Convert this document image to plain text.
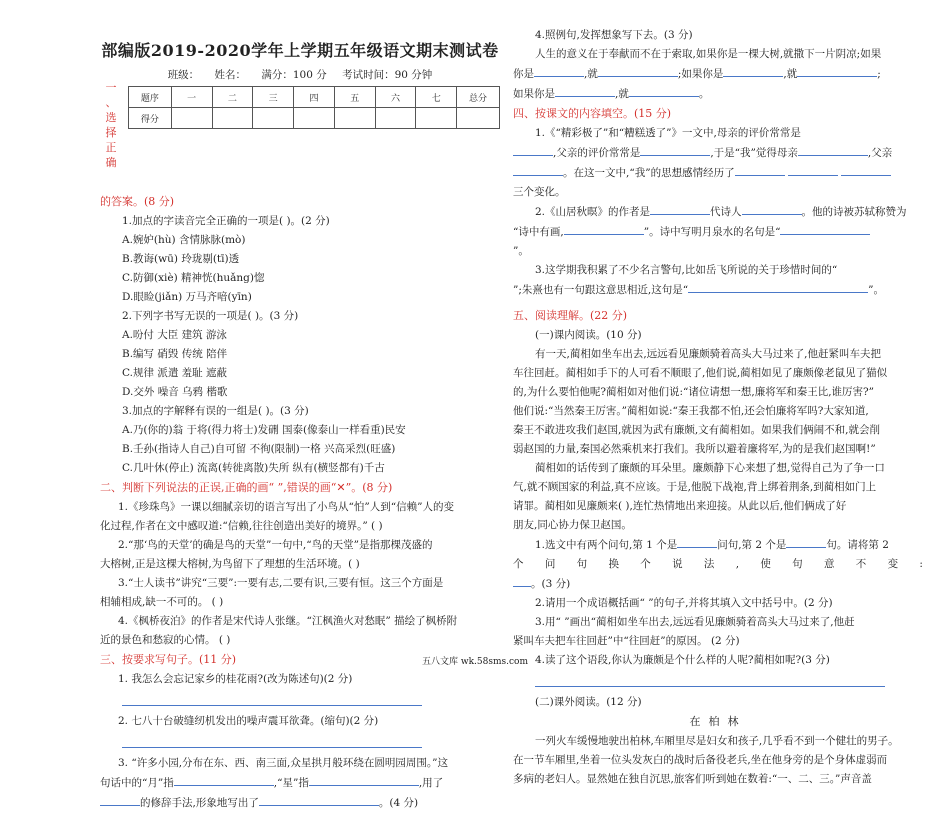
部编版2019-2020学年上学期五年级语文期末测试卷
班级： 姓名： 满分：100 分 考试时间：90 分钟
一
、
选
择
正
确
题序	一	二	三	四	五	六	七	总分
得分								
的答案。(8 分)
1.加点的字读音完全正确的一项是( )。(2 分)
A.婉妒(hù) 含情脉脉(mò)
B.教诲(wū) 玲珑剔(tī)透
C.防御(xiè) 精神恍(huǎng)惚
D.眼睑(jiǎn) 万马齐喑(yīn)
2.下列字书写无误的一项是( )。(3 分)
A.吩付 大臣 建筑 游泳
B.编写 硝毁 传统 陪伴
C.规律 派遣 羞耻 遮蔽
D.交外 噪音 乌鸦 楷歌
3.加点的字解释有误的一组是( )。(3 分)
A.乃(你的)翁 于将(得力将士)发硎 国泰(像泰山一样看重)民安
B.壬孙(指诗人自己)自可留 不徇(限制)一格 兴高采烈(旺盛)
C.几叶休(停止) 流离(转徙离散)失所 纵有(横竖都有)千古
二、判断下列说法的正误,正确的画“ ”,错误的画“✕”。(8 分)
1.《珍珠鸟》一课以细腻亲切的语言写出了小鸟从“怕”人到“信赖”人的变
化过程,作者在文中感叹道:“信赖,往往创造出美好的境界。” ( )
2.“那‘鸟的天堂’的确是鸟的天堂”一句中,“鸟的天堂”是指那棵茂盛的
大榕树,正是这棵大榕树,为鸟留下了理想的生活环境。( )
3.“士人读书”讲究“三要”:一要有志,二要有识,三要有恒。这三个方面是
相辅相成,缺一不可的。 ( )
4.《枫桥夜泊》的作者是宋代诗人张继。“江枫渔火对愁眠” 描绘了枫桥附
近的景色和愁寂的心情。 ( )
三、按要求写句子。(11 分)
1. 我怎么会忘记家乡的桂花雨?(改为陈述句)(2 分)
2. 七八十台破缝纫机发出的噪声震耳欲聋。(缩句)(2 分)
3. “许多小园,分布在东、西、南三面,众星拱月般环绕在圆明园周围。”这
句话中的“月”指	,“星”指	,用了
的修辞手法,形象地写出了	。(4 分)
4.照例句,发挥想象写下去。(3 分)
人生的意义在于奉献而不在于索取,如果你是一棵大树,就撒下一片阴凉;如果
你是	,就	;如果你是	,就	;
如果你是	,就	。
四、按课文的内容填空。(15 分)
1.《“精彩极了”和“糟糕透了”》一文中,母亲的评价常常是
,父亲的评价常常是	,于是“我”觉得母亲	,父亲
。在这一文中,“我”的思想感情经历了
三个变化。
2.《山居秋暝》的作者是	代诗人	。他的诗被苏轼称赞为
“诗中有画,	”。诗中写明月泉水的名句是“
”。
3.这学期我积累了不少名言警句,比如岳飞所说的关于珍惜时间的“
”;朱熹也有一句跟这意思相近,这句是“	”。
五、阅读理解。(22 分)
(一)课内阅读。(10 分)
有一天,蔺相如坐车出去,远远看见廉颇骑着高头大马过来了,他赶紧叫车夫把
车往回赶。蔺相如手下的人可看不顺眼了,他们说,蔺相如见了廉颇像老鼠见了猫似
的,为什么要怕他呢?蔺相如对他们说:“诸位请想一想,廉将军和秦王比,谁厉害?”
他们说:“当然秦王厉害。”蔺相如说:“秦王我都不怕,还会怕廉将军吗?大家知道,
秦王不敢进攻我们赵国,就因为武有廉颇,文有蔺相如。如果我们俩闹不和,就会削
弱赵国的力量,秦国必然乘机来打我们。我所以避着廉将军,为的是我们赵国啊!”
蔺相如的话传到了廉颇的耳朵里。廉颇静下心来想了想,觉得自己为了争一口
气,就不顾国家的利益,真不应该。于是,他脱下战袍,背上绑着荆条,到蔺相如门上
请罪。蔺相如见廉颇来( ),连忙热情地出来迎接。从此以后,他们俩成了好
朋友,同心协力保卫赵国。
1.选文中有两个问句,第 1 个是	问句,第 2 个是	句。请将第 2
个 问 句 换 个 说 法 , 使 句 意 不 变 :
。(3 分)
2.请用一个成语概括画“ ”的句子,并将其填入文中括号中。(2 分)
3.用“ ”画出“蔺相如坐车出去,远远看见廉颇骑着高头大马过来了,他赶
紧叫车夫把车往回赶”中“往回赶”的原因。 (2 分)
4.读了这个语段,你认为廉颇是个什么样的人呢?蔺相如呢?(3 分)
(二)课外阅读。(12 分)
在柏林
一列火车缓慢地驶出柏林,车厢里尽是妇女和孩子,几乎看不到一个健壮的男子。
在一节车厢里,坐着一位头发灰白的战时后备役老兵,坐在他身旁的是个身体虚弱而
多病的老妇人。显然她在独自沉思,旅客们听到她在数着:“一、二、三。”声音盖
五八文库 wk.58sms.com
